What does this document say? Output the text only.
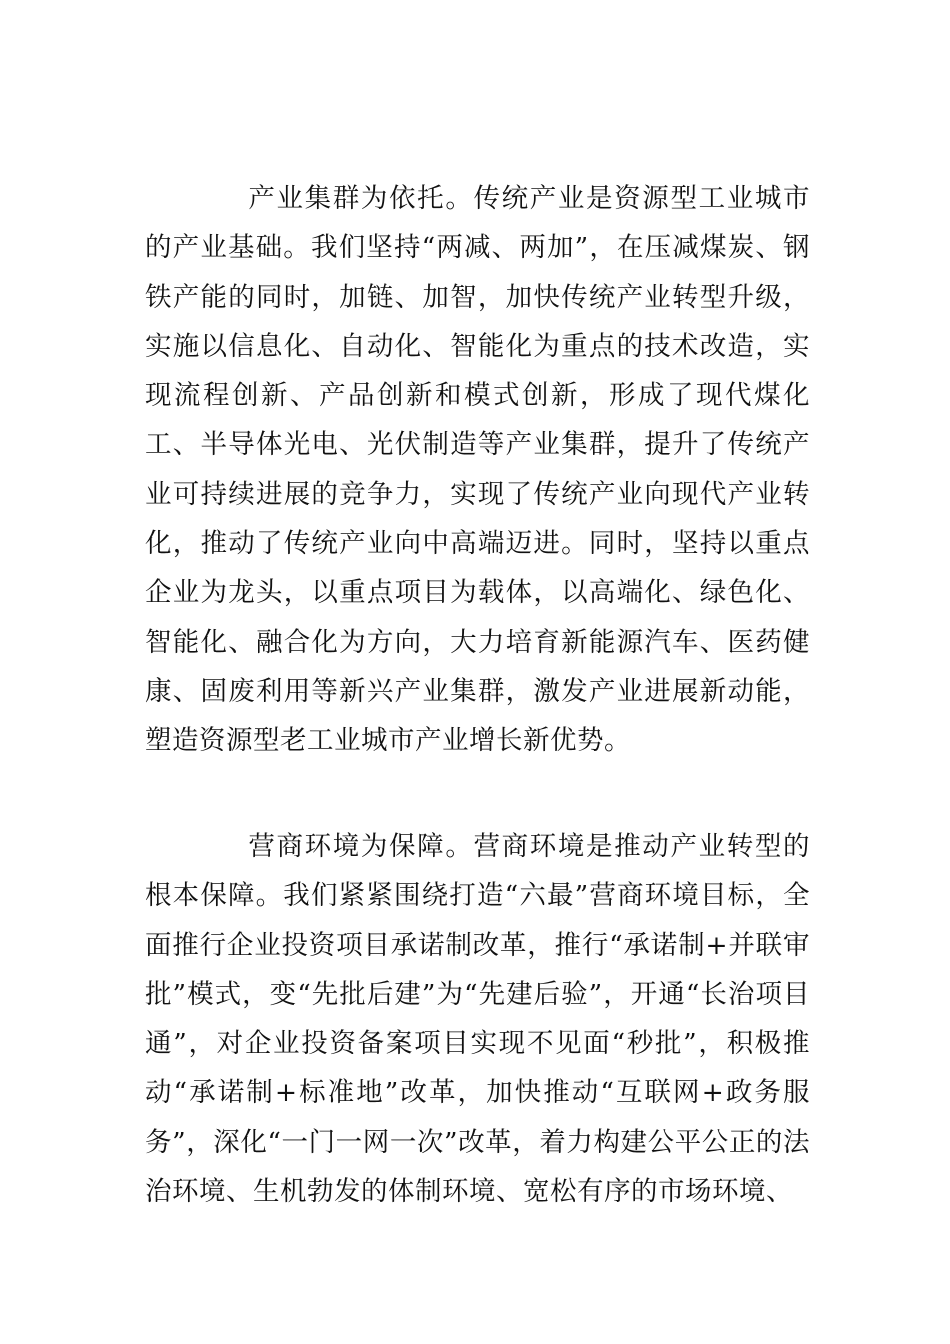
产业集群为依托。传统产业是资源型工业城市的产业基础。我们坚持“两减、两加”，在压减煤炭、钢铁产能的同时，加链、加智，加快传统产业转型升级，实施以信息化、自动化、智能化为重点的技术改造，实现流程创新、产品创新和模式创新，形成了现代煤化工、半导体光电、光伏制造等产业集群，提升了传统产业可持续进展的竞争力，实现了传统产业向现代产业转化，推动了传统产业向中高端迈进。同时，坚持以重点企业为龙头，以重点项目为载体，以高端化、绿色化、智能化、融合化为方向，大力培育新能源汽车、医药健康、固废利用等新兴产业集群，激发产业进展新动能，塑造资源型老工业城市产业增长新优势。

营商环境为保障。营商环境是推动产业转型的根本保障。我们紧紧围绕打造“六最”营商环境目标，全面推行企业投资项目承诺制改革，推行“承诺制+并联审批”模式，变“先批后建”为“先建后验”，开通“长治项目通”，对企业投资备案项目实现不见面“秒批”，积极推动“承诺制+标准地”改革，加快推动“互联网+政务服务”，深化“一门一网一次”改革，着力构建公平公正的法治环境、生机勃发的体制环境、宽松有序的市场环境、
